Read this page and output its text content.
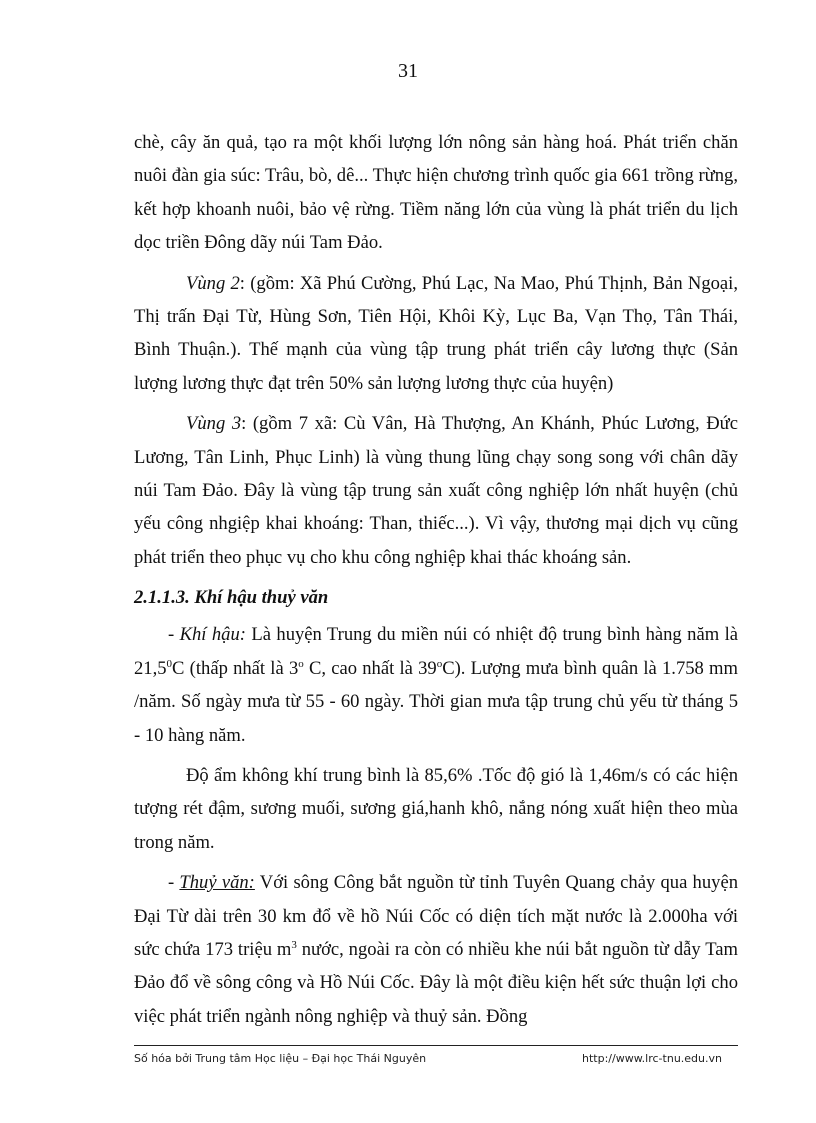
31

chè, cây ăn quả, tạo ra một khối lượng lớn nông sản hàng hoá. Phát triển chăn nuôi đàn gia súc: Trâu, bò, dê... Thực hiện chương trình quốc gia 661 trồng rừng, kết hợp khoanh nuôi, bảo vệ rừng. Tiềm năng lớn của vùng là phát triển du lịch dọc triền Đông dãy núi Tam Đảo.

Vùng 2: (gồm: Xã Phú Cường, Phú Lạc, Na Mao, Phú Thịnh, Bản Ngoại, Thị trấn Đại Từ, Hùng Sơn, Tiên Hội, Khôi Kỳ, Lục Ba, Vạn Thọ, Tân Thái, Bình Thuận.). Thế mạnh của vùng tập trung phát triển cây lương thực (Sản lượng lương thực đạt trên 50% sản lượng lương thực của huyện)

Vùng 3: (gồm 7 xã: Cù Vân, Hà Thượng, An Khánh, Phúc Lương, Đức Lương, Tân Linh, Phục Linh) là vùng thung lũng chạy song song với chân dãy núi Tam Đảo. Đây là vùng tập trung sản xuất công nghiệp lớn nhất huyện (chủ yếu công nhgiệp khai khoáng: Than, thiếc...). Vì vậy, thương mại dịch vụ cũng phát triển theo phục vụ cho khu công nghiệp khai thác khoáng sản.

2.1.1.3. Khí hậu thuỷ văn

- Khí hậu: Là huyện Trung du miền núi có nhiệt độ trung bình hàng năm là 21,5$^0$C (thấp nhất là 3$^o$ C, cao nhất là 39$^o$C). Lượng mưa bình quân là 1.758 mm /năm. Số ngày mưa từ 55 - 60 ngày. Thời gian mưa tập trung chủ yếu từ tháng 5 - 10 hàng năm.

Độ ẩm không khí trung bình là 85,6% .Tốc độ gió là 1,46m/s có các hiện tượng rét đậm, sương muối, sương giá,hanh khô, nắng nóng xuất hiện theo mùa trong năm.

- Thuỷ văn: Với sông Công bắt nguồn từ tỉnh Tuyên Quang chảy qua huyện Đại Từ dài trên 30 km đổ về hồ Núi Cốc có diện tích mặt nước là 2.000ha với sức chứa 173 triệu $m^3$ nước, ngoài ra còn có nhiều khe núi bắt nguồn từ dẫy Tam Đảo đổ về sông công và Hồ Núi Cốc. Đây là một điều kiện hết sức thuận lợi cho việc phát triển ngành nông nghiệp và thuỷ sản. Đồng

Số hóa bởi Trung tâm Học liệu – Đại học Thái Nguyên	http://www.lrc-tnu.edu.vn
